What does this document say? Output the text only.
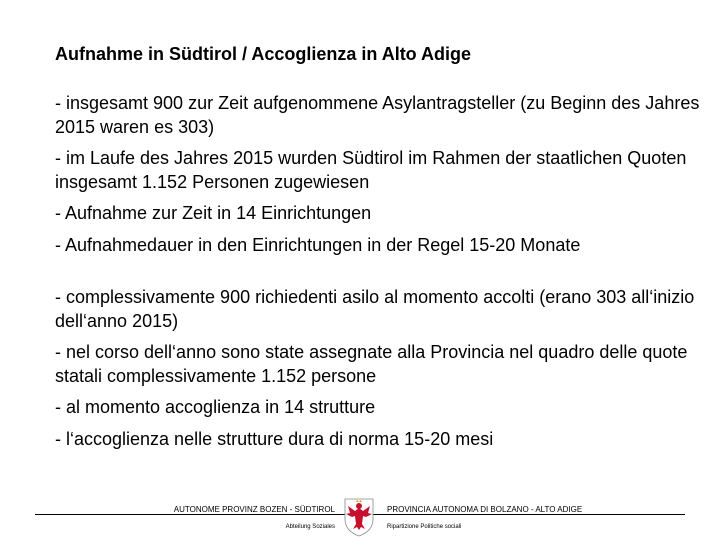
Aufnahme in Südtirol / Accoglienza in Alto Adige

- insgesamt 900 zur Zeit aufgenommene Asylantragsteller (zu Beginn des Jahres 2015 waren es 303)

- im Laufe des Jahres 2015 wurden Südtirol im Rahmen der staatlichen Quoten insgesamt 1.152 Personen zugewiesen

- Aufnahme zur Zeit in 14 Einrichtungen

- Aufnahmedauer in den Einrichtungen in der Regel 15-20 Monate

- complessivamente 900 richiedenti asilo al momento accolti (erano 303 all‘inizio dell‘anno 2015)

- nel corso dell‘anno sono state assegnate alla Provincia nel quadro delle quote statali complessivamente 1.152 persone

- al momento accoglienza in 14 strutture

- l‘accoglienza nelle strutture dura di norma 15-20 mesi

AUTONOME PROVINZ BOZEN - SÜDTIROL
Abteilung Soziales
PROVINCIA AUTONOMA DI BOLZANO - ALTO ADIGE
Ripartizione Politiche sociali
